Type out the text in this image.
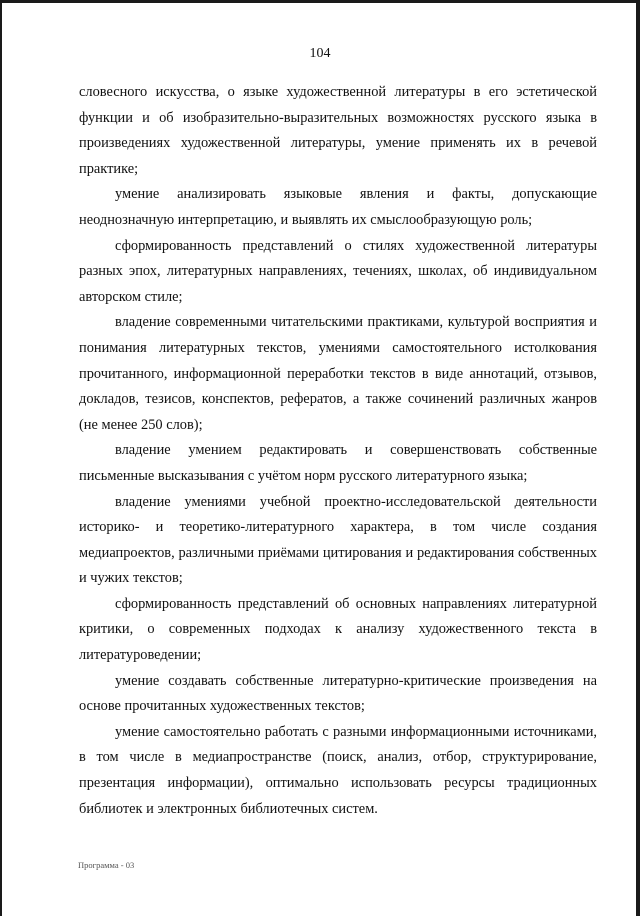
104

словесного искусства, о языке художественной литературы в его эстетической функции и об изобразительно-выразительных возможностях русского языка в произведениях художественной литературы, умение применять их в речевой практике;

умение анализировать языковые явления и факты, допускающие неоднозначную интерпретацию, и выявлять их смыслообразующую роль;

сформированность представлений о стилях художественной литературы разных эпох, литературных направлениях, течениях, школах, об индивидуальном авторском стиле;

владение современными читательскими практиками, культурой восприятия и понимания литературных текстов, умениями самостоятельного истолкования прочитанного, информационной переработки текстов в виде аннотаций, отзывов, докладов, тезисов, конспектов, рефератов, а также сочинений различных жанров (не менее 250 слов);

владение умением редактировать и совершенствовать собственные письменные высказывания с учётом норм русского литературного языка;

владение умениями учебной проектно-исследовательской деятельности историко- и теоретико-литературного характера, в том числе создания медиапроектов, различными приёмами цитирования и редактирования собственных и чужих текстов;

сформированность представлений об основных направлениях литературной критики, о современных подходах к анализу художественного текста в литературоведении;

умение создавать собственные литературно-критические произведения на основе прочитанных художественных текстов;

умение самостоятельно работать с разными информационными источниками, в том числе в медиапространстве (поиск, анализ, отбор, структурирование, презентация информации), оптимально использовать ресурсы традиционных библиотек и электронных библиотечных систем.

Программа - 03
